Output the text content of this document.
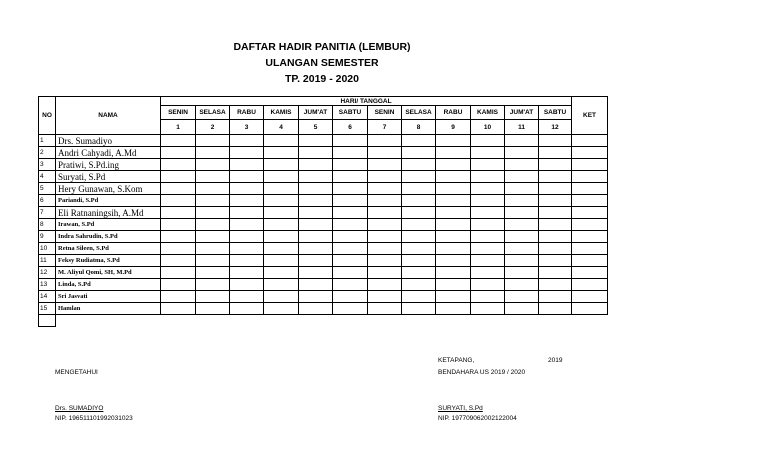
DAFTAR HADIR PANITIA (LEMBUR)
ULANGAN SEMESTER
TP. 2019 - 2020
NO	NAMA	HARI/ TANGGAL												KET
		SENIN	SELASA	RABU	KAMIS	JUM'AT	SABTU	SENIN	SELASA	RABU	KAMIS	JUM'AT	SABTU	
		1	2	3	4	5	6	7	8	9	10	11	12	
1	Drs. Sumadiyo													
2	Andri Cahyadi, A.Md													
3	Pratiwi, S.Pd.ing													
4	Suryati, S.Pd													
5	Hery Gunawan, S.Kom													
6	Pariandi, S.Pd													
7	Eli Ratnaningsih, A.Md													
8	Irawan, S.Pd													
9	Indra Sahrudin, S.Pd													
10	Retna Sileen, S.Pd													
11	Feksy Rudiatma, S.Pd													
12	M. Aliyul Qomi, SH, M.Pd													
13	Linda, S.Pd													
14	Sri Jasvati													
15	Hamlan													

MENGETAHUI
Drs. SUMADIYO
NIP. 196511101992031023
KETAPANG,	2019
BENDAHARA US 2019 / 2020
SURYATI, S.Pd
NIP. 197709062002122004
